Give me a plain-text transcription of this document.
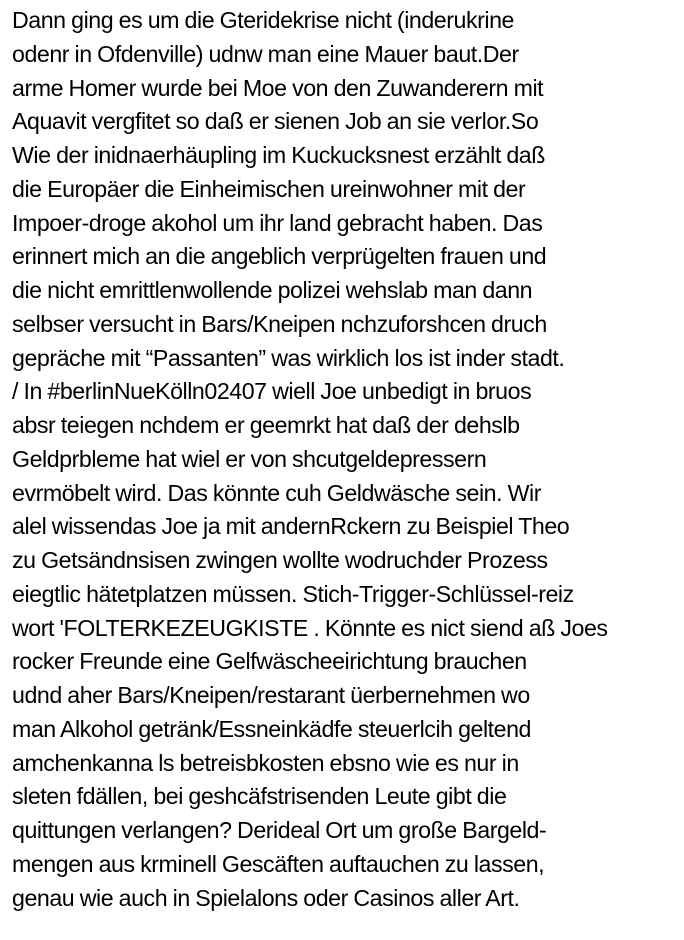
Dann ging es um die Gteridekrise nicht (inderukrine
odenr in Ofdenville) udnw man eine Mauer baut.Der
arme Homer wurde bei Moe von den Zuwanderern mit
Aquavit vergfitet so daß er sienen Job an sie verlor.So
Wie der inidnaerhäupling im Kuckucksnest erzählt daß
die Europäer die Einheimischen ureinwohner mit der
Impoer-droge akohol um ihr land gebracht haben. Das
erinnert mich an die angeblich verprügelten frauen und
die nicht emrittlenwollende polizei wehslab man dann
selbser versucht in Bars/Kneipen nchzuforshcen druch
gepräche mit “Passanten” was wirklich los ist inder stadt.
/ In #berlinNueKölln02407 wiell Joe unbedigt in bruos
absr teiegen nchdem er geemrkt hat daß der dehslb
Geldprbleme hat wiel er von shcutgeldepressern
evrmöbelt wird. Das könnte cuh Geldwäsche sein. Wir
alel wissendas Joe ja mit andernRckern zu Beispiel Theo
zu Getsändnsisen zwingen wollte wodruchder Prozess
eiegtlic hätetplatzen müssen. Stich-Trigger-Schlüssel-reiz
wort 'FOLTERKEZEUGKISTE . Könnte es nict siend aß Joes
rocker Freunde eine Gelfwäscheeirichtung brauchen
udnd aher Bars/Kneipen/restarant üerbernehmen wo
man Alkohol getränk/Essneinkädfe steuerlcih geltend
amchenkanna ls betreisbkosten ebsno wie es nur in
sleten fdällen, bei geshcäfstrisenden Leute gibt die
quittungen verlangen? Derideal Ort um große Bargeld-
mengen aus krminell Gescäften auftauchen zu lassen,
genau wie auch in Spielalons oder Casinos aller Art.
